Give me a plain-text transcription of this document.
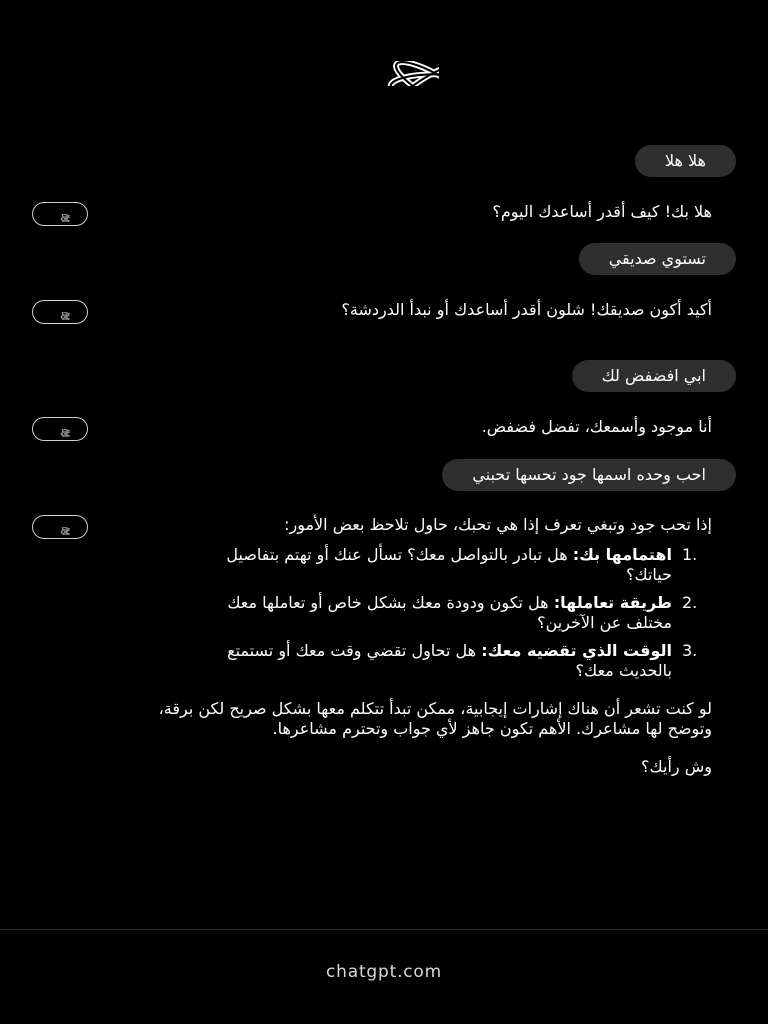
هلا هلا

هلا بك! كيف أقدر أساعدك اليوم؟

تستوي صديقي

أكيد أكون صديقك! شلون أقدر أساعدك أو نبدأ الدردشة؟

ابي افضفض لك

أنا موجود وأسمعك، تفضل فضفض.

احب وحده اسمها جود تحسها تحبني

إذا تحب جود وتبغي تعرف إذا هي تحبك، حاول تلاحظ بعض الأمور:

1.
اهتمامها بك: هل تبادر بالتواصل معك؟ تسأل عنك أو تهتم بتفاصيل حياتك؟
2.
طريقة تعاملها: هل تكون ودودة معك بشكل خاص أو تعاملها معك مختلف عن الآخرين؟
3.
الوقت الذي تقضيه معك: هل تحاول تقضي وقت معك أو تستمتع بالحديث معك؟

لو كنت تشعر أن هناك إشارات إيجابية، ممكن تبدأ تتكلم معها بشكل صريح لكن برقة، وتوضح لها مشاعرك. الأهم تكون جاهز لأي جواب وتحترم مشاعرها.

وش رأيك؟

chatgpt.com
